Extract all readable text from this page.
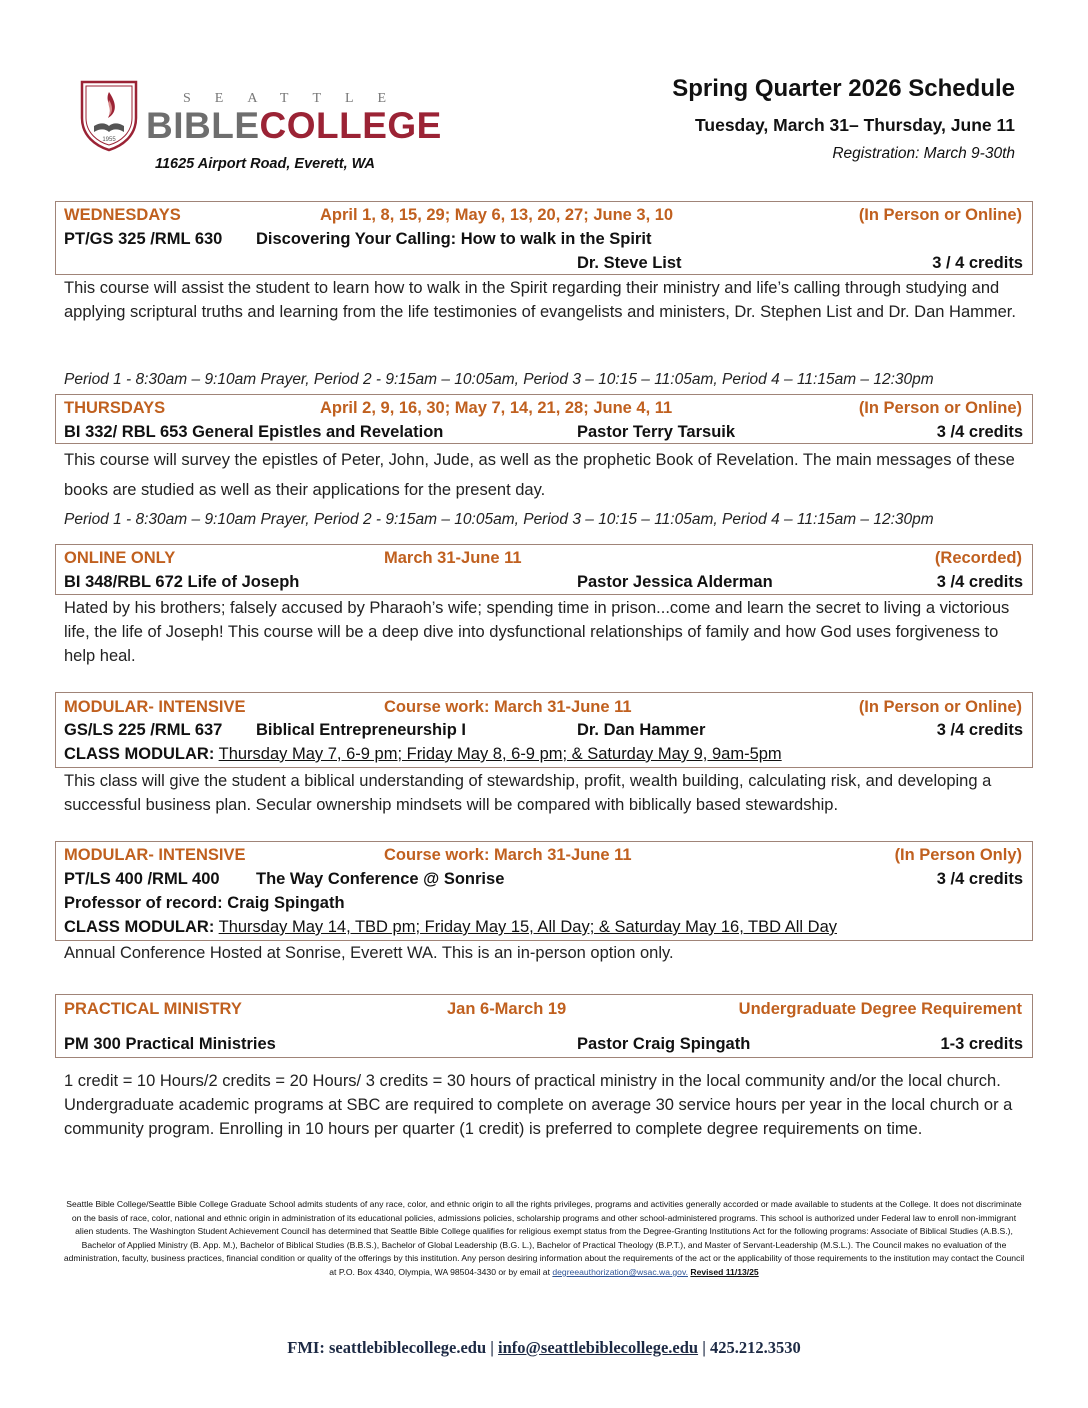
1955
SEATTLE
BIBLECOLLEGE
11625 Airport Road, Everett, WA
Spring Quarter 2026 Schedule
Tuesday, March 31– Thursday, June 11
Registration: March 9-30th
WEDNESDAYS	April 1, 8, 15, 29; May 6, 13, 20, 27; June 3, 10	(In Person or Online)
PT/GS 325 /RML 630 Discovering Your Calling: How to walk in the Spirit
Dr. Steve List	3 / 4 credits
This course will assist the student to learn how to walk in the Spirit regarding their ministry and life’s calling through studying and applying scriptural truths and learning from the life testimonies of evangelists and ministers, Dr. Stephen List and Dr. Dan Hammer.
Period 1 - 8:30am – 9:10am Prayer, Period 2 - 9:15am – 10:05am, Period 3 – 10:15 – 11:05am, Period 4 – 11:15am – 12:30pm
THURSDAYS	April 2, 9, 16, 30; May 7, 14, 21, 28; June 4, 11	(In Person or Online)
BI 332/ RBL 653 General Epistles and Revelation	Pastor Terry Tarsuik	3 /4 credits
This course will survey the epistles of Peter, John, Jude, as well as the prophetic Book of Revelation. The main messages of these books are studied as well as their applications for the present day.
Period 1 - 8:30am – 9:10am Prayer, Period 2 - 9:15am – 10:05am, Period 3 – 10:15 – 11:05am, Period 4 – 11:15am – 12:30pm
ONLINE ONLY	March 31-June 11	(Recorded)
BI 348/RBL 672 Life of Joseph	Pastor Jessica Alderman	3 /4 credits
Hated by his brothers; falsely accused by Pharaoh’s wife; spending time in prison...come and learn the secret to living a victorious life, the life of Joseph! This course will be a deep dive into dysfunctional relationships of family and how God uses forgiveness to help heal.
MODULAR- INTENSIVE	Course work: March 31-June 11	(In Person or Online)
GS/LS 225 /RML 637 Biblical Entrepreneurship I	Dr. Dan Hammer	3 /4 credits
CLASS MODULAR: Thursday May 7, 6-9 pm; Friday May 8, 6-9 pm; & Saturday May 9, 9am-5pm
This class will give the student a biblical understanding of stewardship, profit, wealth building, calculating risk, and developing a successful business plan. Secular ownership mindsets will be compared with biblically based stewardship.
MODULAR- INTENSIVE	Course work: March 31-June 11	(In Person Only)
PT/LS 400 /RML 400 The Way Conference @ Sonrise	3 /4 credits
Professor of record: Craig Spingath
CLASS MODULAR: Thursday May 14, TBD pm; Friday May 15, All Day; & Saturday May 16, TBD All Day
Annual Conference Hosted at Sonrise, Everett WA. This is an in-person option only.
PRACTICAL MINISTRY	Jan 6-March 19	Undergraduate Degree Requirement
PM 300 Practical Ministries	Pastor Craig Spingath	1-3 credits
1 credit = 10 Hours/2 credits = 20 Hours/ 3 credits = 30 hours of practical ministry in the local community and/or the local church. Undergraduate academic programs at SBC are required to complete on average 30 service hours per year in the local church or a community program. Enrolling in 10 hours per quarter (1 credit) is preferred to complete degree requirements on time.
Seattle Bible College/Seattle Bible College Graduate School admits students of any race, color, and ethnic origin to all the rights privileges, programs and activities generally accorded or made available to students at the College. It does not discriminate on the basis of race, color, national and ethnic origin in administration of its educational policies, admissions policies, scholarship programs and other school-administered programs. This school is authorized under Federal law to enroll non-immigrant alien students. The Washington Student Achievement Council has determined that Seattle Bible College qualifies for religious exempt status from the Degree-Granting Institutions Act for the following programs: Associate of Biblical Studies (A.B.S.), Bachelor of Applied Ministry (B. App. M.), Bachelor of Biblical Studies (B.B.S.), Bachelor of Global Leadership (B.G. L.), Bachelor of Practical Theology (B.P.T.), and Master of Servant-Leadership (M.S.L.). The Council makes no evaluation of the administration, faculty, business practices, financial condition or quality of the offerings by this institution. Any person desiring information about the requirements of the act or the applicability of those requirements to the institution may contact the Council at P.O. Box 4340, Olympia, WA 98504-3430 or by email at degreeauthorization@wsac.wa.gov. Revised 11/13/25
FMI: seattlebiblecollege.edu | info@seattlebiblecollege.edu | 425.212.3530
